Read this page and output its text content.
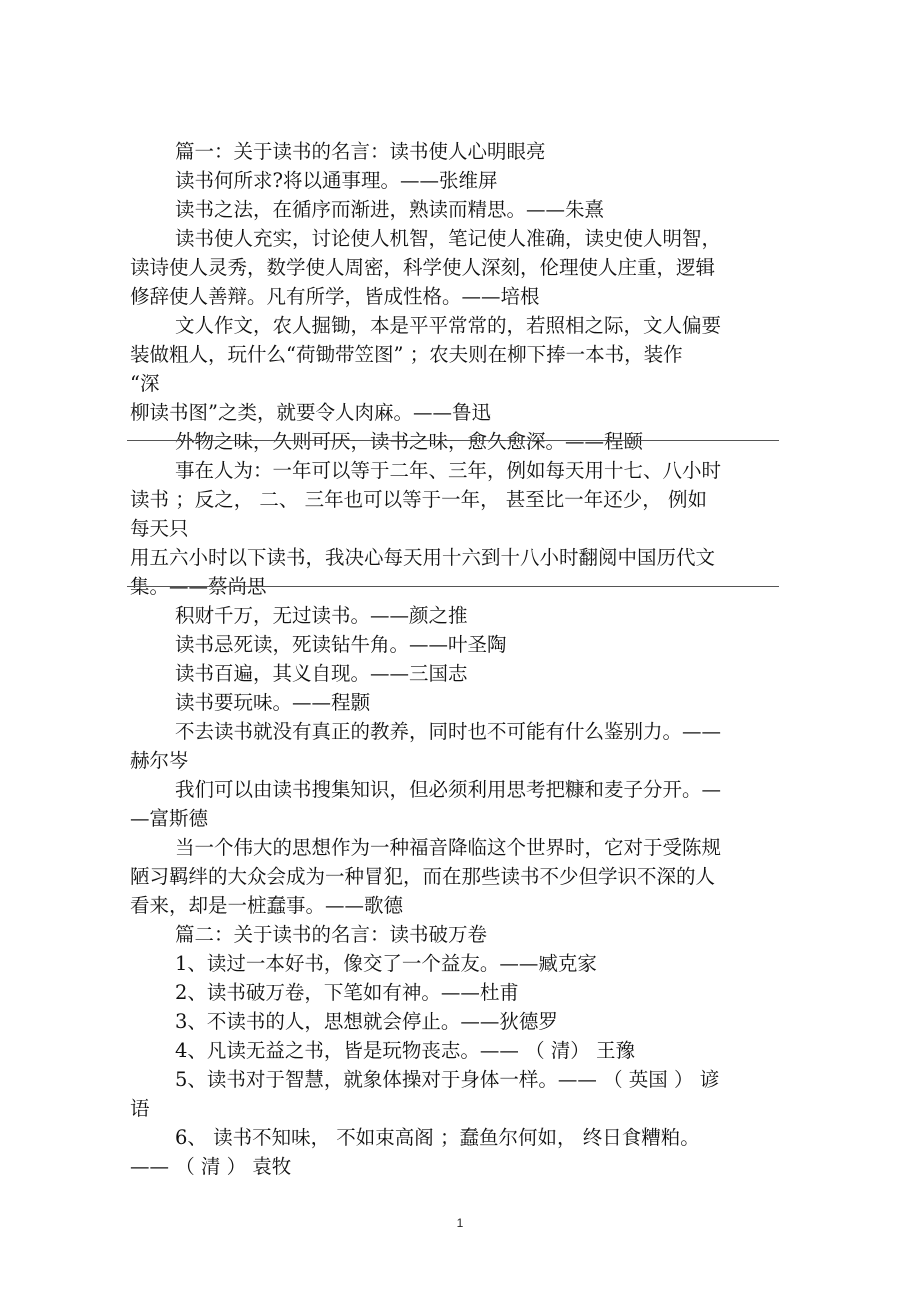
篇一：关于读书的名言：读书使人心明眼亮
读书何所求?将以通事理。——张维屏
读书之法，在循序而渐进，熟读而精思。——朱熹
读书使人充实，讨论使人机智，笔记使人准确，读史使人明智，
读诗使人灵秀，数学使人周密，科学使人深刻，伦理使人庄重，逻辑
修辞使人善辩。凡有所学，皆成性格。——培根
文人作文，农人掘锄，本是平平常常的，若照相之际，文人偏要
装做粗人，玩什么“荷锄带笠图” ；农夫则在柳下捧一本书，装作
“深
柳读书图”之类，就要令人肉麻。——鲁迅
外物之味，久则可厌，读书之味，愈久愈深。——程颐
事在人为：一年可以等于二年、三年，例如每天用十七、八小时
读书 ；反之， 二、 三年也可以等于一年， 甚至比一年还少， 例如
每天只
用五六小时以下读书，我决心每天用十六到十八小时翻阅中国历代文
集。——蔡尚思
积财千万，无过读书。——颜之推
读书忌死读，死读钻牛角。——叶圣陶
读书百遍，其义自现。——三国志
读书要玩味。——程颢
不去读书就没有真正的教养，同时也不可能有什么鉴别力。——
赫尔岑
我们可以由读书搜集知识，但必须利用思考把糠和麦子分开。—
—富斯德
当一个伟大的思想作为一种福音降临这个世界时，它对于受陈规
陋习羁绊的大众会成为一种冒犯，而在那些读书不少但学识不深的人
看来，却是一桩蠢事。——歌德
篇二：关于读书的名言：读书破万卷
1、读过一本好书，像交了一个益友。——臧克家
2、读书破万卷，下笔如有神。——杜甫
3、不读书的人，思想就会停止。——狄德罗
4、凡读无益之书，皆是玩物丧志。—— （ 清） 王豫
5、读书对于智慧，就象体操对于身体一样。—— （ 英国 ） 谚
语
6、 读书不知味， 不如束高阁 ；蠢鱼尔何如， 终日食糟粕。
—— （ 清 ） 袁牧
1
